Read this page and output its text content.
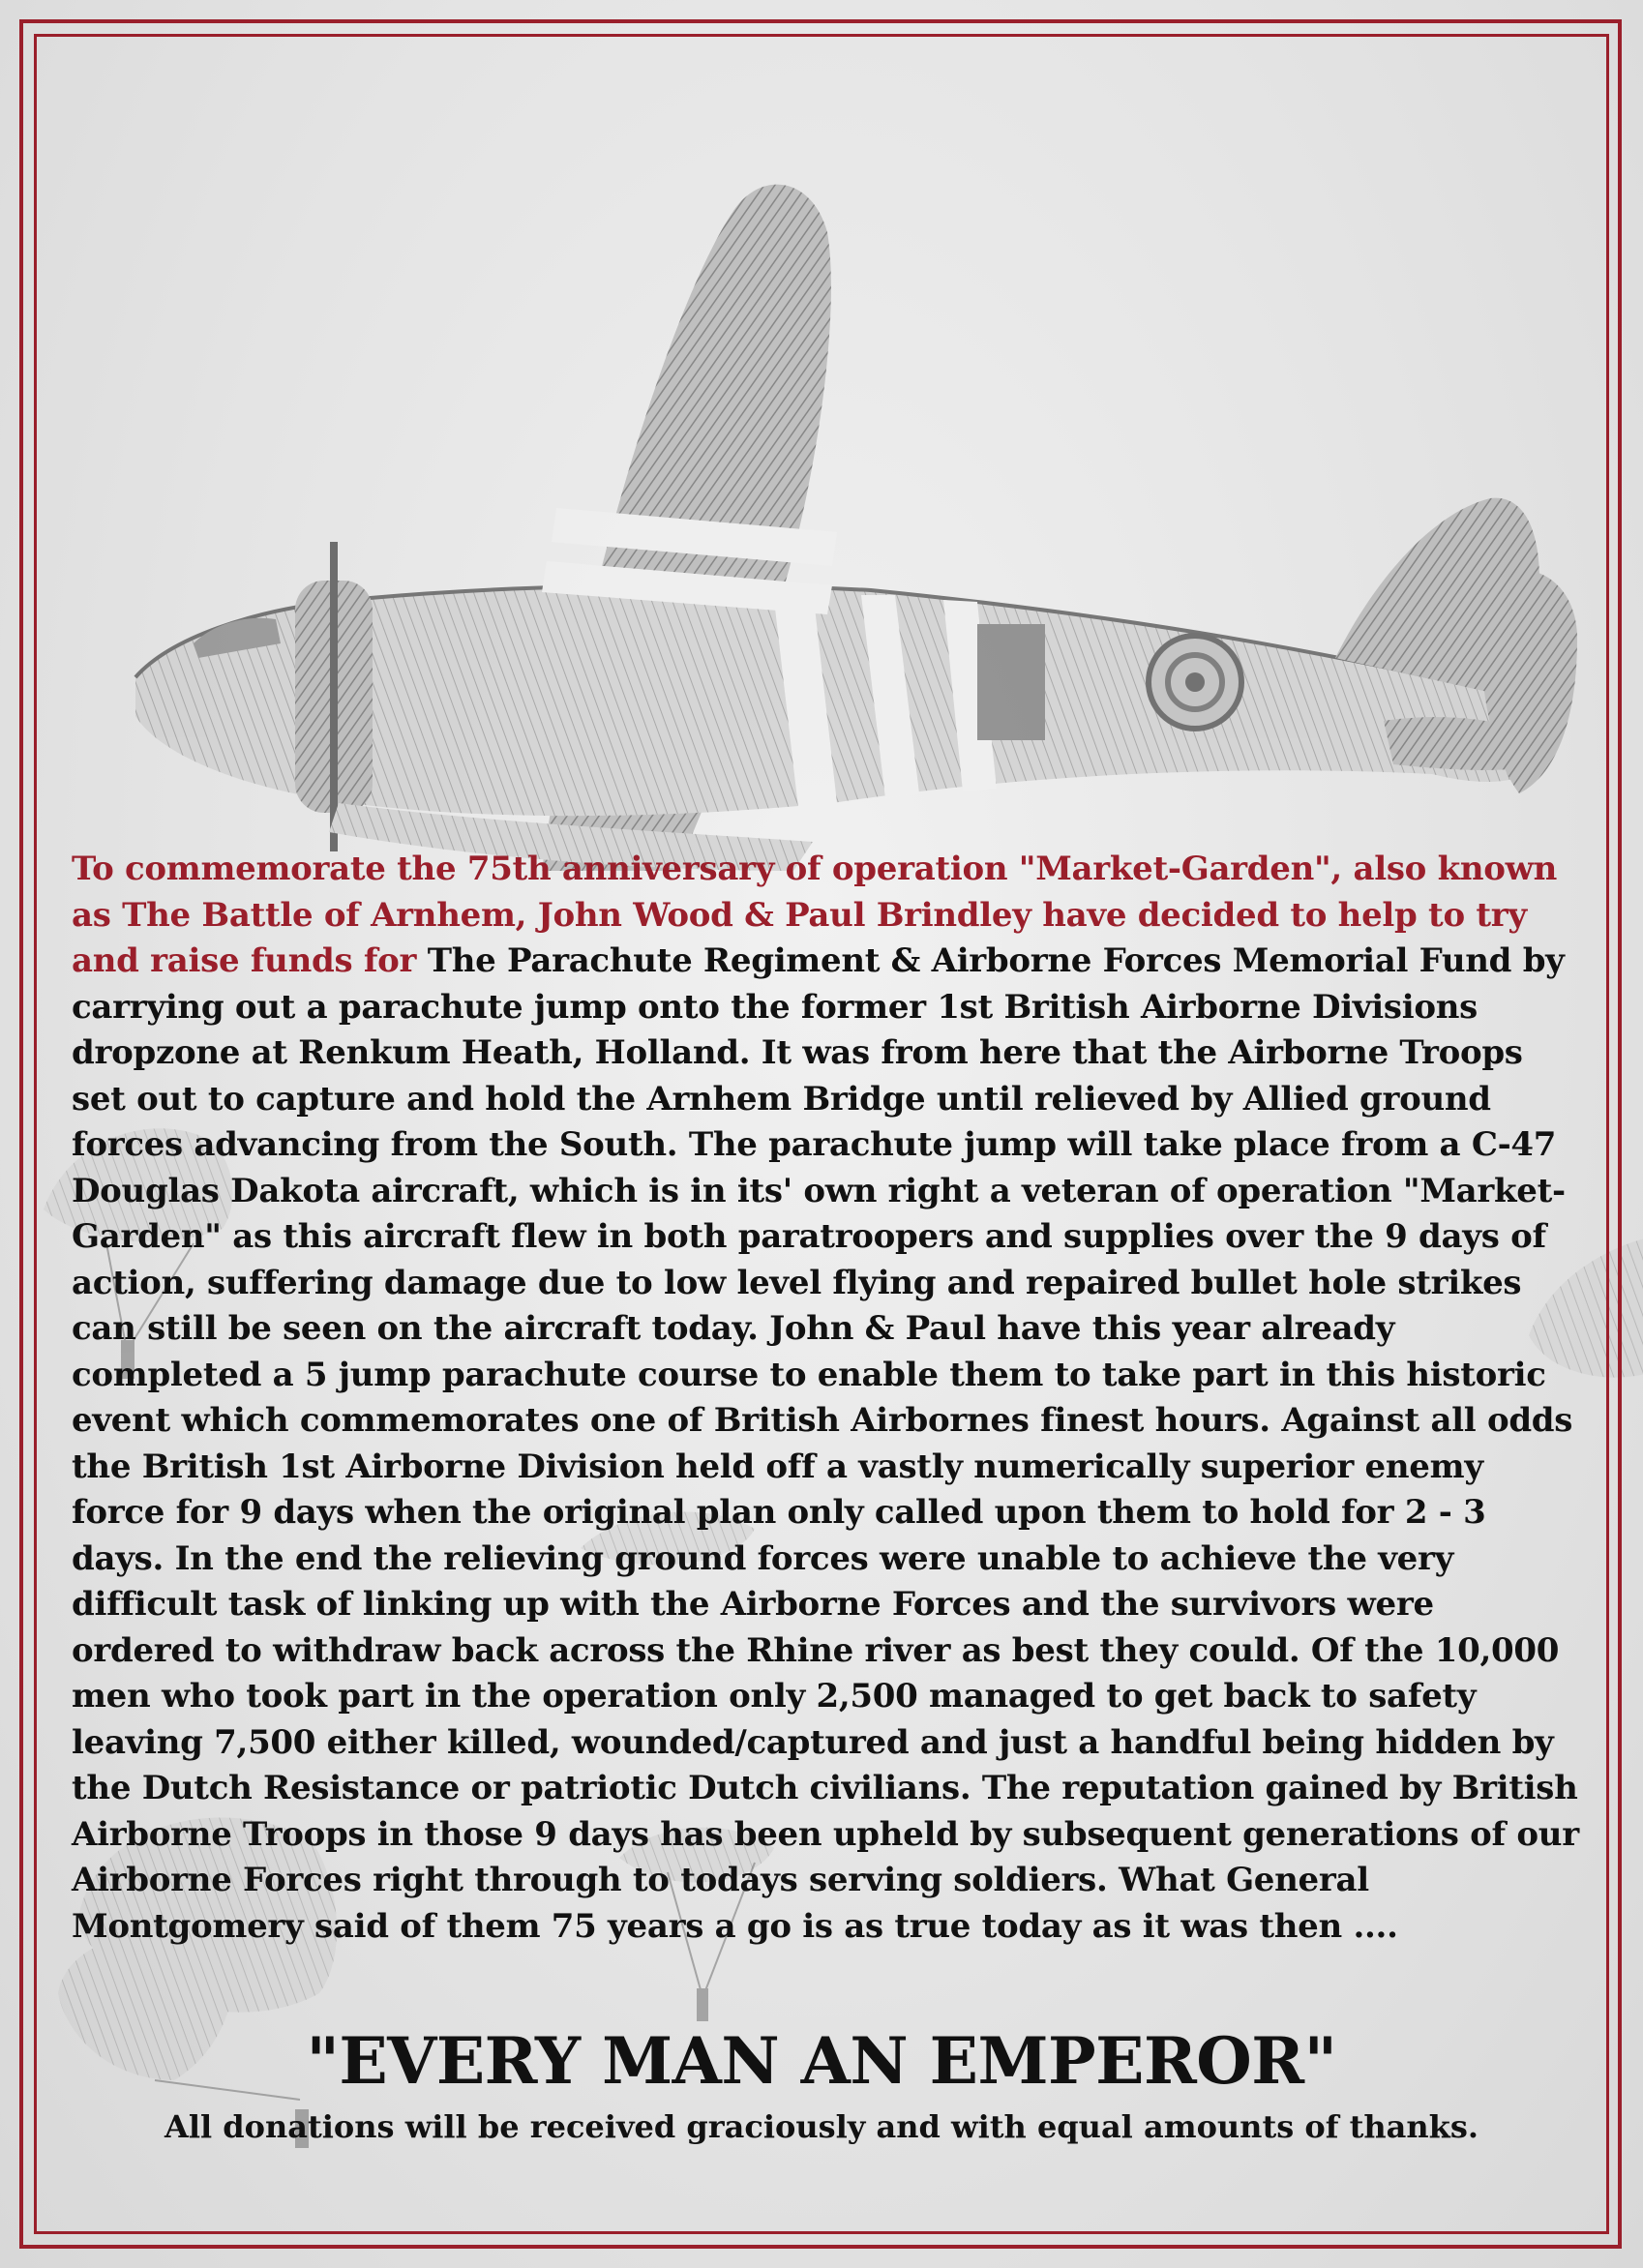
To commemorate the 75th anniversary of operation "Market-Garden", also known as The Battle of Arnhem, John Wood & Paul Brindley have decided to help to try and raise funds for The Parachute Regiment & Airborne Forces Memorial Fund by carrying out a parachute jump onto the former 1st British Airborne Divisions dropzone at Renkum Heath, Holland. It was from here that the Airborne Troops set out to capture and hold the Arnhem Bridge until relieved by Allied ground forces advancing from the South. The parachute jump will take place from a C-47 Douglas Dakota aircraft, which is in its' own right a veteran of operation "Market-Garden" as this aircraft flew in both paratroopers and supplies over the 9 days of action, suffering damage due to low level flying and repaired bullet hole strikes can still be seen on the aircraft today. John & Paul have this year already completed a 5 jump parachute course to enable them to take part in this historic event which commemorates one of British Airbornes finest hours. Against all odds the British 1st Airborne Division held off a vastly numerically superior enemy force for 9 days when the original plan only called upon them to hold for 2 - 3 days. In the end the relieving ground forces were unable to achieve the very difficult task of linking up with the Airborne Forces and the survivors were ordered to withdraw back across the Rhine river as best they could. Of the 10,000 men who took part in the operation only 2,500 managed to get back to safety leaving 7,500 either killed, wounded/captured and just a handful being hidden by the Dutch Resistance or patriotic Dutch civilians. The reputation gained by British Airborne Troops in those 9 days has been upheld by subsequent generations of our Airborne Forces right through to todays serving soldiers. What General Montgomery said of them 75 years a go is as true today as it was then ....

"EVERY MAN AN EMPEROR"

All donations will be received graciously and with equal amounts of thanks.
